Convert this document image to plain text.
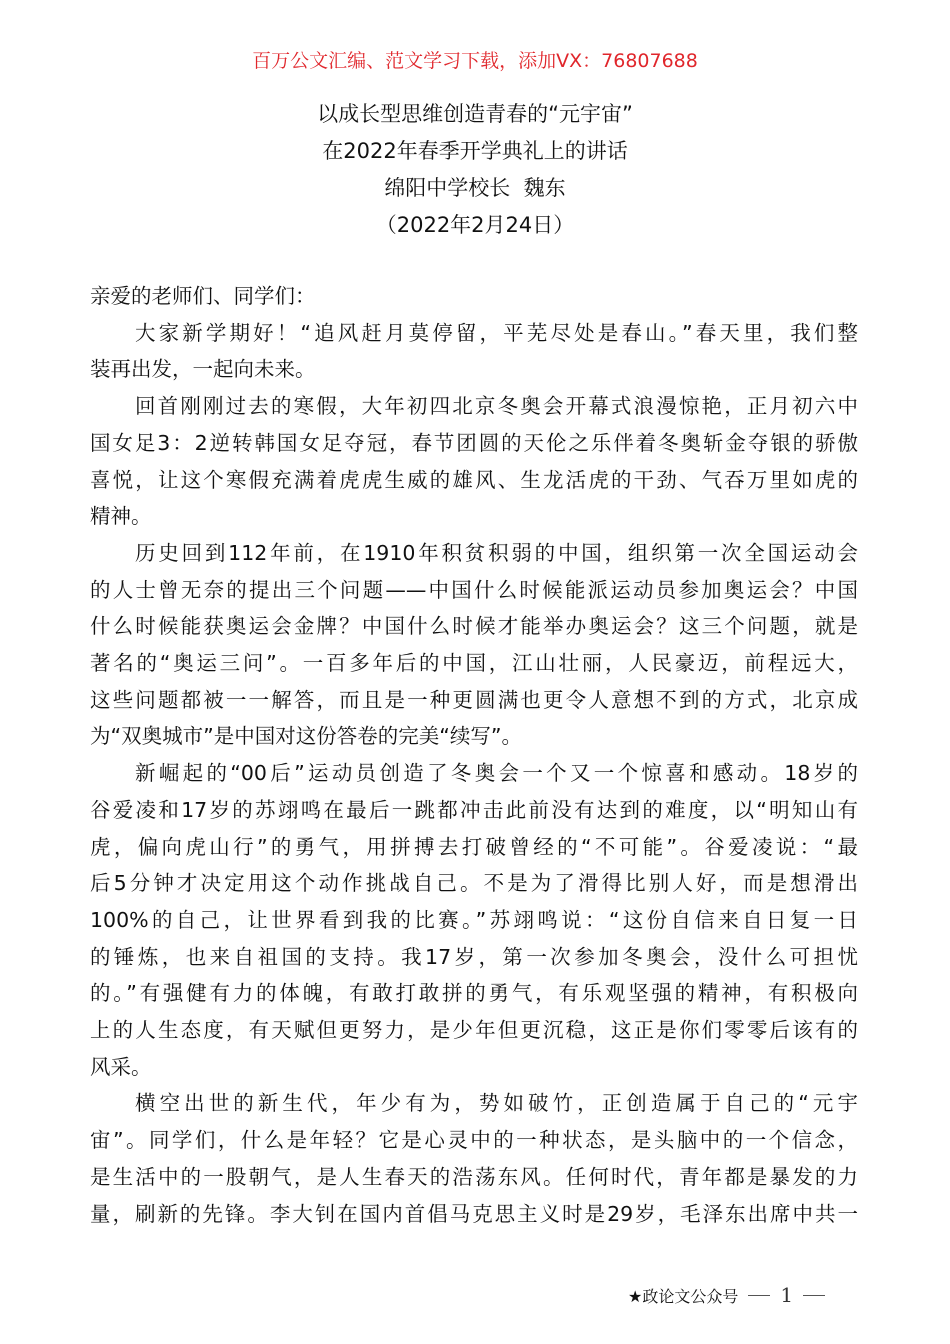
百万公文汇编、范文学习下载，添加VX：76807688
以成长型思维创造青春的“元宇宙”
在2022年春季开学典礼上的讲话
绵阳中学校长  魏东
（2022年2月24日）
亲爱的老师们、同学们：
大家新学期好！“追风赶月莫停留，平芜尽处是春山。”春天里，我们整
装再出发，一起向未来。
回首刚刚过去的寒假，大年初四北京冬奥会开幕式浪漫惊艳，正月初六中
国女足3：2逆转韩国女足夺冠，春节团圆的天伦之乐伴着冬奥斩金夺银的骄傲
喜悦，让这个寒假充满着虎虎生威的雄风、生龙活虎的干劲、气吞万里如虎的
精神。
历史回到112年前，在1910年积贫积弱的中国，组织第一次全国运动会
的人士曾无奈的提出三个问题——中国什么时候能派运动员参加奥运会？中国
什么时候能获奥运会金牌？中国什么时候才能举办奥运会？这三个问题，就是
著名的“奥运三问”。一百多年后的中国，江山壮丽，人民豪迈，前程远大，
这些问题都被一一解答，而且是一种更圆满也更令人意想不到的方式，北京成
为“双奥城市”是中国对这份答卷的完美“续写”。
新崛起的“00后”运动员创造了冬奥会一个又一个惊喜和感动。18岁的
谷爱凌和17岁的苏翊鸣在最后一跳都冲击此前没有达到的难度，以“明知山有
虎，偏向虎山行”的勇气，用拼搏去打破曾经的“不可能”。谷爱凌说：“最
后5分钟才决定用这个动作挑战自己。不是为了滑得比别人好，而是想滑出
100%的自己，让世界看到我的比赛。”苏翊鸣说：“这份自信来自日复一日
的锤炼，也来自祖国的支持。我17岁，第一次参加冬奥会，没什么可担忧
的。”有强健有力的体魄，有敢打敢拼的勇气，有乐观坚强的精神，有积极向
上的人生态度，有天赋但更努力，是少年但更沉稳，这正是你们零零后该有的
风采。
横空出世的新生代，年少有为，势如破竹，正创造属于自己的“元宇
宙”。同学们，什么是年轻？它是心灵中的一种状态，是头脑中的一个信念，
是生活中的一股朝气，是人生春天的浩荡东风。任何时代，青年都是暴发的力
量，刷新的先锋。李大钊在国内首倡马克思主义时是29岁，毛泽东出席中共一
★政论文公众号 1
